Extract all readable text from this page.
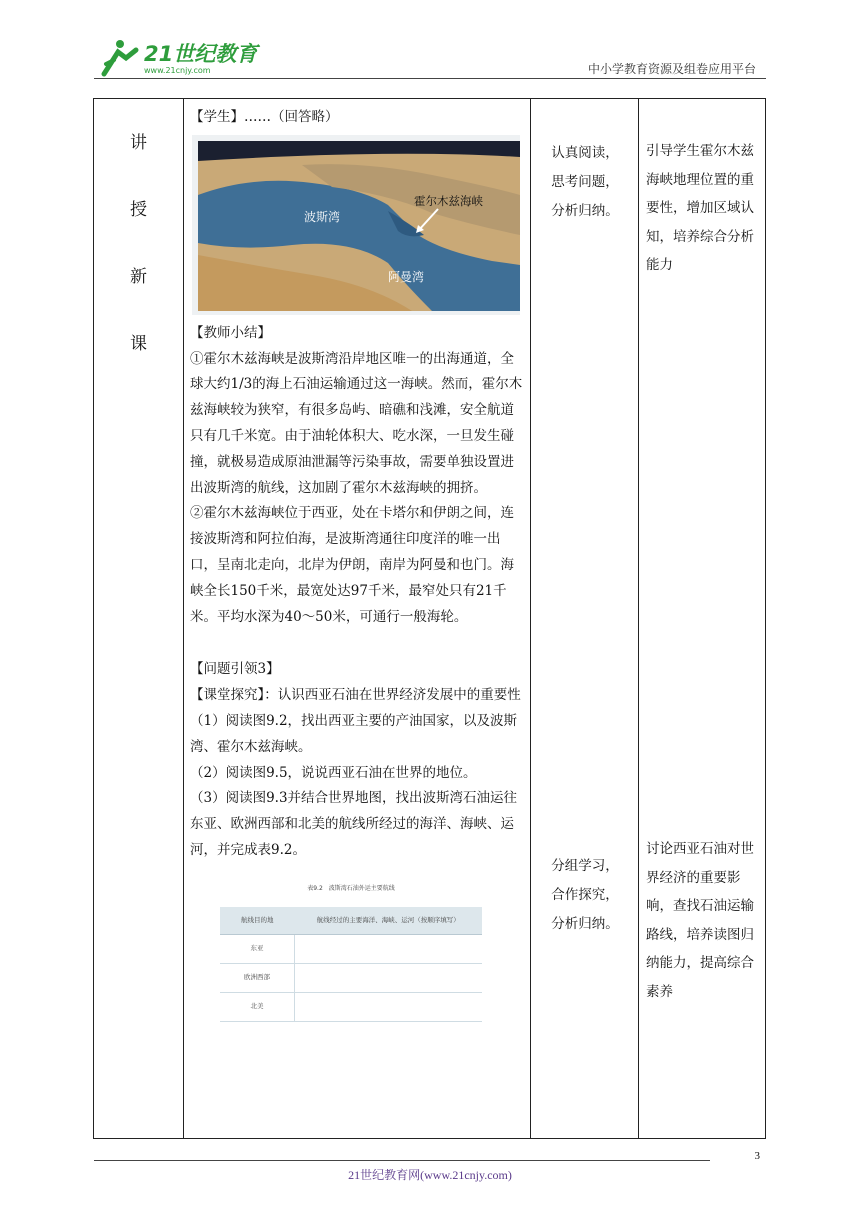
21世纪教育
www.21cnjy.com	中小学教育资源及组卷应用平台
讲
授
新
课

【学生】……（回答略）

波斯湾
霍尔木兹海峡
阿曼湾

【教师小结】

①霍尔木兹海峡是波斯湾沿岸地区唯一的出海通道，全球大约1/3的海上石油运输通过这一海峡。然而，霍尔木兹海峡较为狭窄，有很多岛屿、暗礁和浅滩，安全航道只有几千米宽。由于油轮体积大、吃水深，一旦发生碰撞，就极易造成原油泄漏等污染事故，需要单独设置进出波斯湾的航线，这加剧了霍尔木兹海峡的拥挤。

②霍尔木兹海峡位于西亚，处在卡塔尔和伊朗之间，连接波斯湾和阿拉伯海，是波斯湾通往印度洋的唯一出口，呈南北走向，北岸为伊朗，南岸为阿曼和也门。海峡全长150千米，最宽处达97千米，最窄处只有21千米。平均水深为40～50米，可通行一般海轮。

【问题引领3】

【课堂探究】：认识西亚石油在世界经济发展中的重要性

（1）阅读图9.2，找出西亚主要的产油国家，以及波斯湾、霍尔木兹海峡。

（2）阅读图9.5，说说西亚石油在世界的地位。

（3）阅读图9.3并结合世界地图，找出波斯湾石油运往东亚、欧洲西部和北美的航线所经过的海洋、海峡、运河，并完成表9.2。

表9.2　波斯湾石油外运主要航线
航线目的地	航线经过的主要海洋、海峡、运河（按顺序填写）
东亚	
欧洲西部	
北美	
认真阅读，
思考问题，
分析归纳。
分组学习，
合作探究，
分析归纳。
引导学生霍尔木兹海峡地理位置的重要性，增加区域认知，培养综合分析能力
讨论西亚石油对世界经济的重要影响，查找石油运输路线，培养读图归纳能力，提高综合素养
3
21世纪教育网(www.21cnjy.com)
